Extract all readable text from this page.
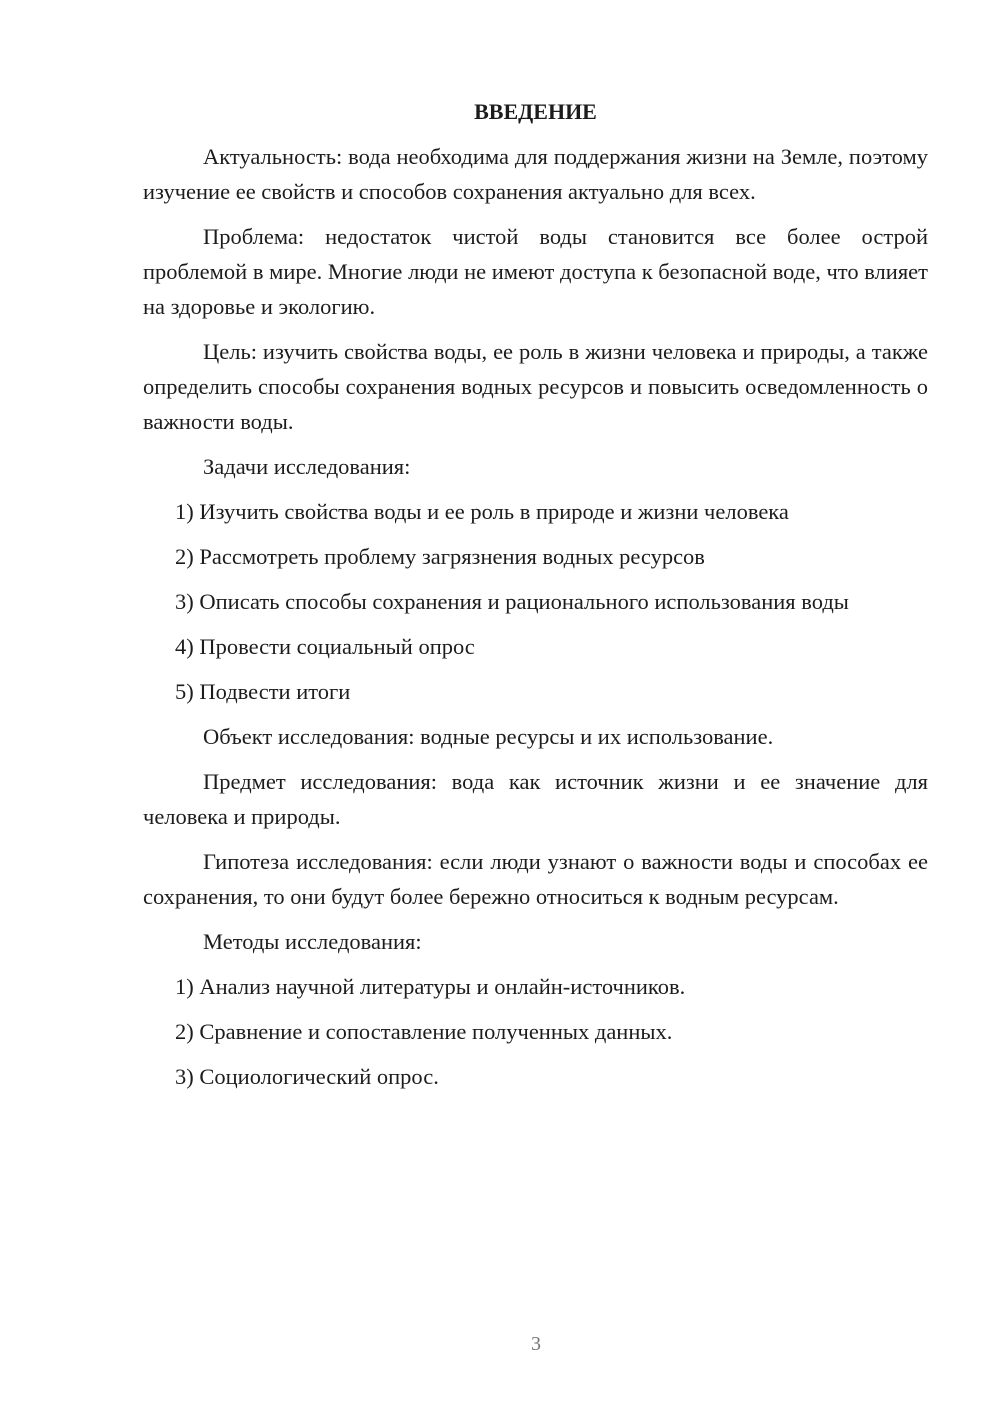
ВВЕДЕНИЕ

Актуальность: вода необходима для поддержания жизни на Земле, поэтому изучение ее свойств и способов сохранения актуально для всех.

Проблема: недостаток чистой воды становится все более острой проблемой в мире. Многие люди не имеют доступа к безопасной воде, что влияет на здоровье и экологию.

Цель: изучить свойства воды, ее роль в жизни человека и природы, а также определить способы сохранения водных ресурсов и повысить осведомленность о важности воды.

Задачи исследования:

1) Изучить свойства воды и ее роль в природе и жизни человека
2) Рассмотреть проблему загрязнения водных ресурсов
3) Описать способы сохранения и рационального использования воды
4) Провести социальный опрос
5) Подвести итоги

Объект исследования: водные ресурсы и их использование.

Предмет исследования: вода как источник жизни и ее значение для человека и природы.

Гипотеза исследования: если люди узнают о важности воды и способах ее сохранения, то они будут более бережно относиться к водным ресурсам.

Методы исследования:

1) Анализ научной литературы и онлайн-источников.
2) Сравнение и сопоставление полученных данных.
3) Социологический опрос.
3
